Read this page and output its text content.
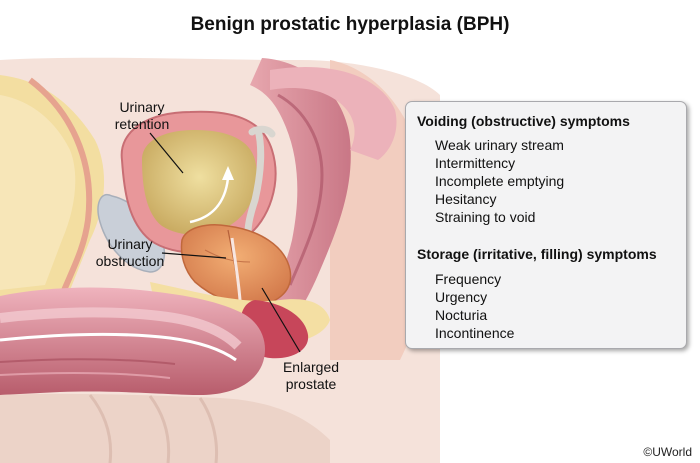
Benign prostatic hyperplasia (BPH)
Urinary
retention
Urinary
obstruction
Enlarged
prostate
Voiding (obstructive) symptoms
Weak urinary stream
Intermittency
Incomplete emptying
Hesitancy
Straining to void
Storage (irritative, filling) symptoms
Frequency
Urgency
Nocturia
Incontinence
©UWorld
